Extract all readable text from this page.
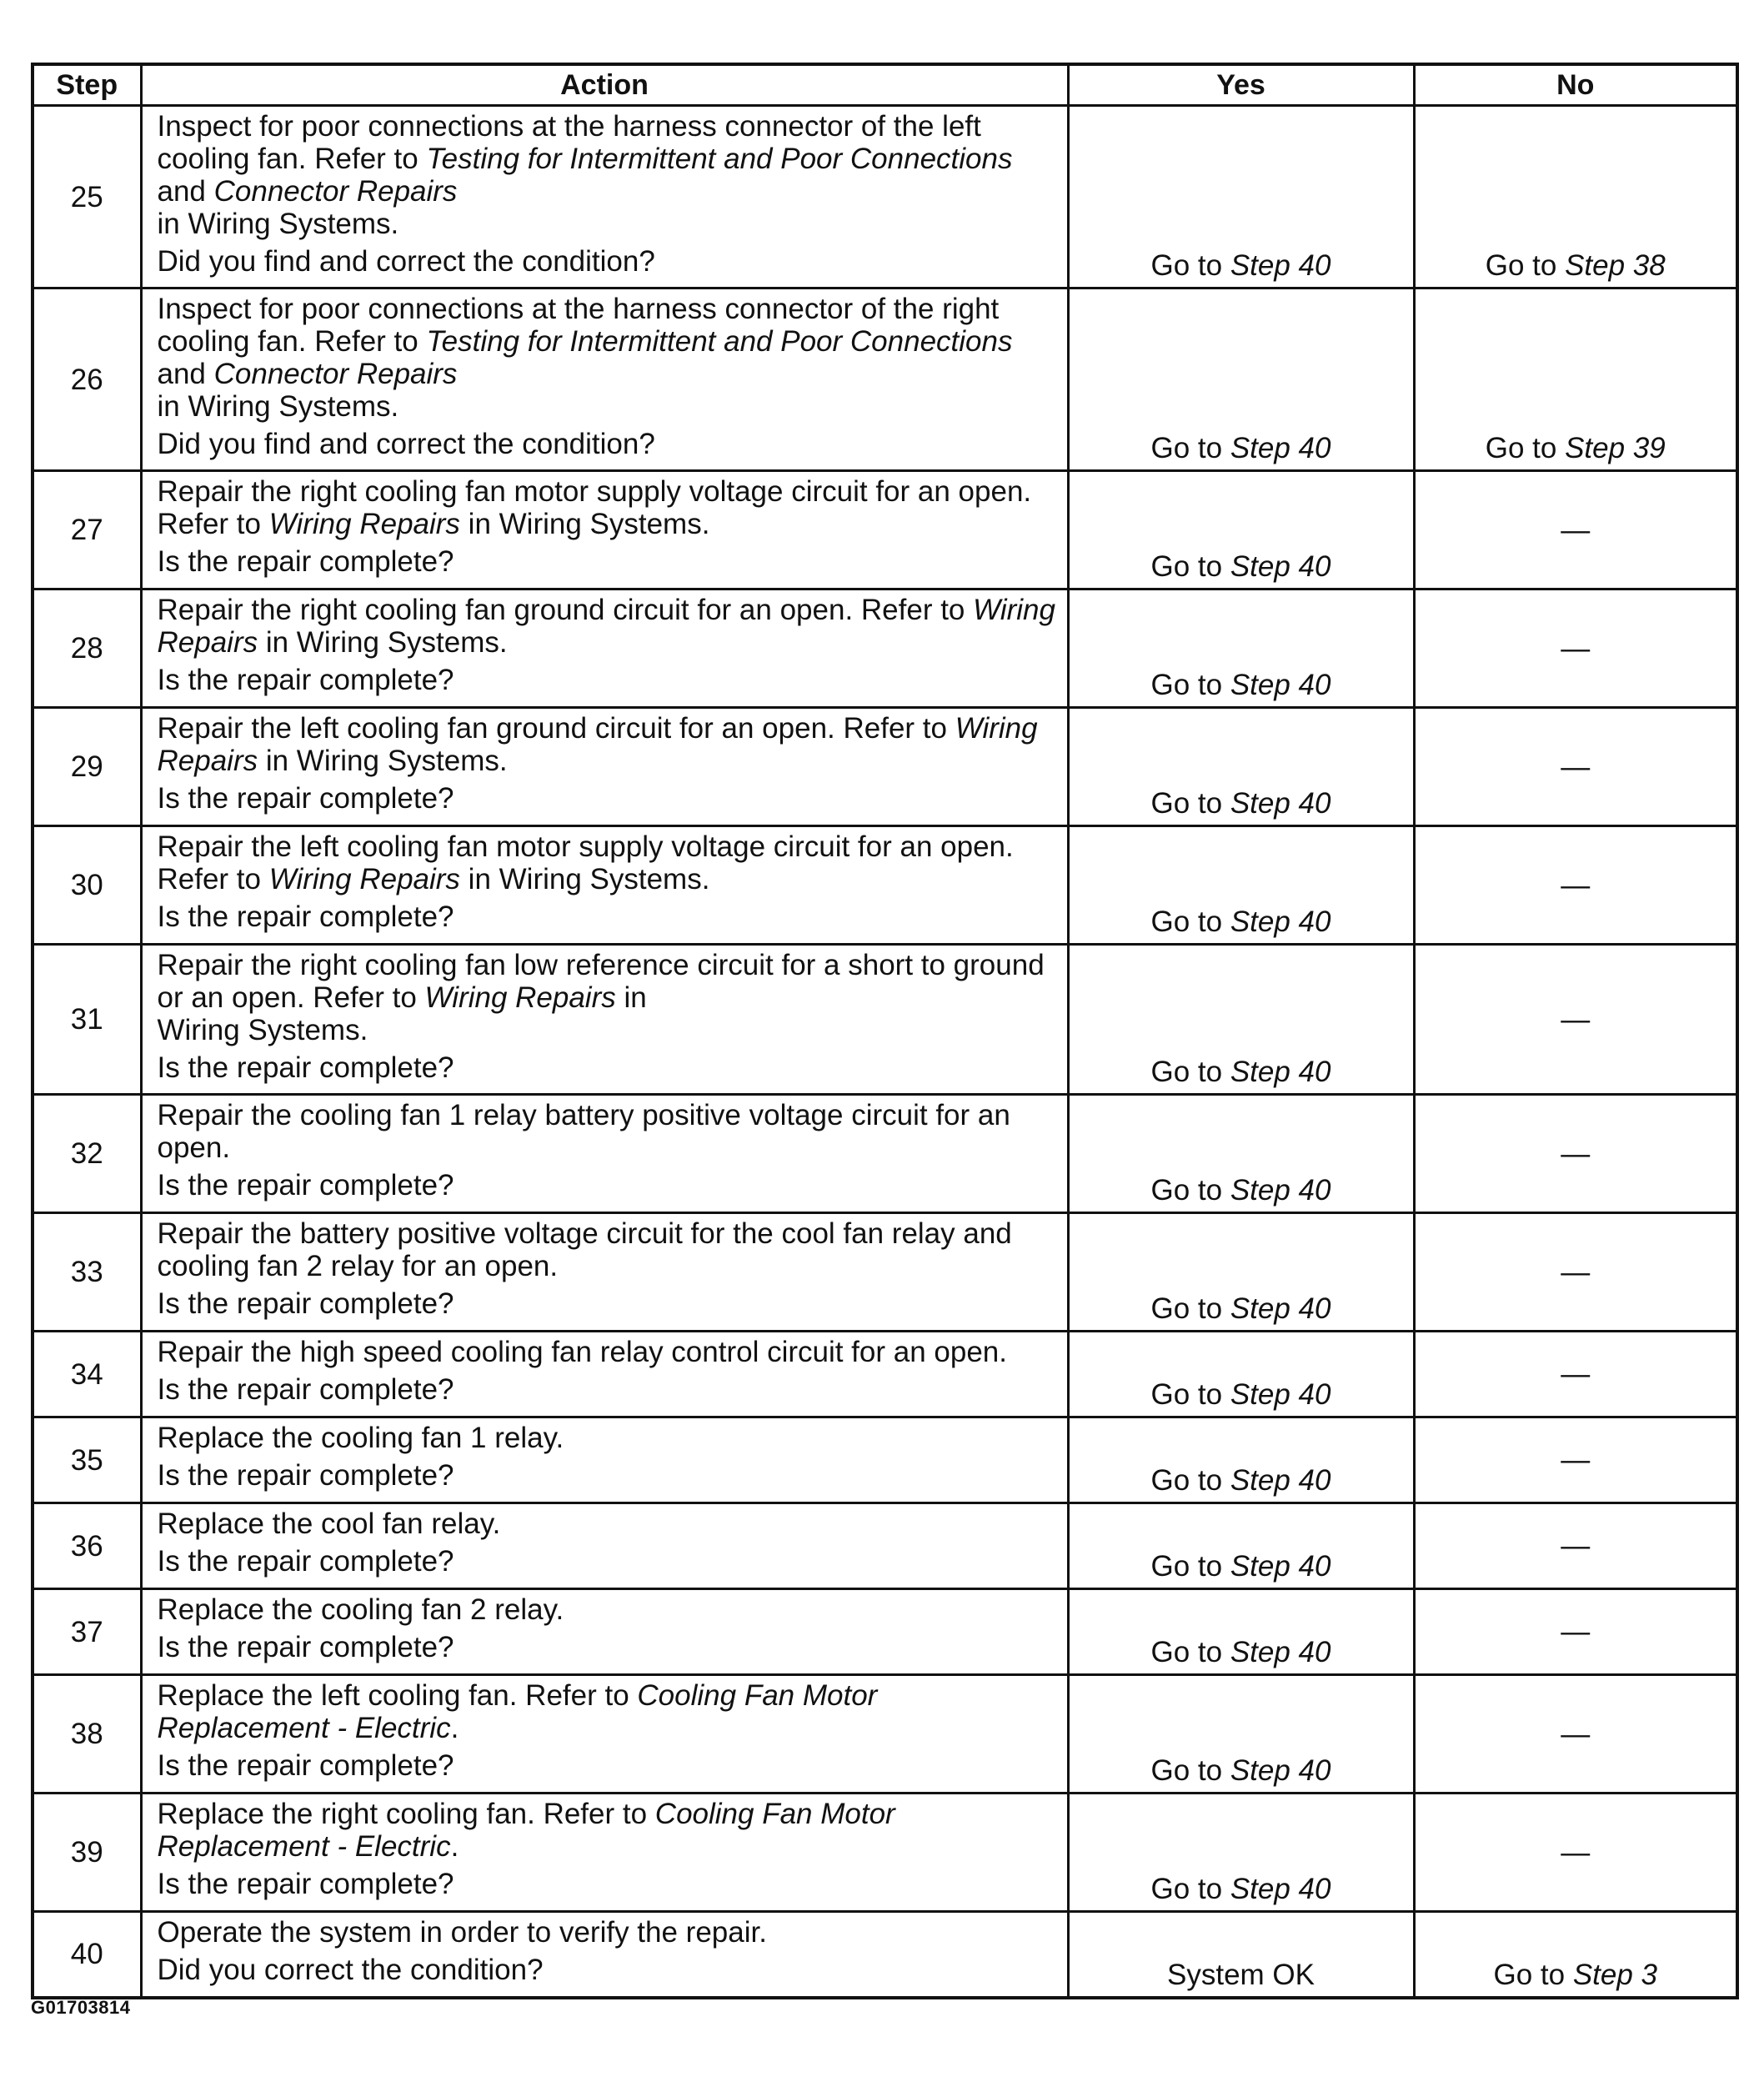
Step	Action	Yes	No
25	Inspect for poor connections at the harness connector of the left cooling fan. Refer to Testing for Intermittent and Poor Connections and Connector Repairs
in Wiring Systems.
Did you find and correct the condition?	Go to Step 40	Go to Step 38

26	Inspect for poor connections at the harness connector of the right cooling fan. Refer to Testing for Intermittent and Poor Connections and Connector Repairs
in Wiring Systems.
Did you find and correct the condition?	Go to Step 40	Go to Step 39

27	Repair the right cooling fan motor supply voltage circuit for an open. Refer to Wiring Repairs in Wiring Systems.
Is the repair complete?	Go to Step 40	—

28	Repair the right cooling fan ground circuit for an open. Refer to Wiring Repairs in Wiring Systems.
Is the repair complete?	Go to Step 40	—

29	Repair the left cooling fan ground circuit for an open. Refer to Wiring Repairs in Wiring Systems.
Is the repair complete?	Go to Step 40	—

30	Repair the left cooling fan motor supply voltage circuit for an open. Refer to Wiring Repairs in Wiring Systems.
Is the repair complete?	Go to Step 40	—

31	Repair the right cooling fan low reference circuit for a short to ground or an open. Refer to Wiring Repairs in
Wiring Systems.
Is the repair complete?	Go to Step 40	—

32	Repair the cooling fan 1 relay battery positive voltage circuit for an open.
Is the repair complete?	Go to Step 40	—

33	Repair the battery positive voltage circuit for the cool fan relay and cooling fan 2 relay for an open.
Is the repair complete?	Go to Step 40	—

34	Repair the high speed cooling fan relay control circuit for an open.
Is the repair complete?	Go to Step 40	—

35	Replace the cooling fan 1 relay.
Is the repair complete?	Go to Step 40	—

36	Replace the cool fan relay.
Is the repair complete?	Go to Step 40	—

37	Replace the cooling fan 2 relay.
Is the repair complete?	Go to Step 40	—

38	Replace the left cooling fan. Refer to Cooling Fan Motor Replacement - Electric.
Is the repair complete?	Go to Step 40	—

39	Replace the right cooling fan. Refer to Cooling Fan Motor Replacement - Electric.
Is the repair complete?	Go to Step 40	—

40	Operate the system in order to verify the repair.
Did you correct the condition?	System OK	Go to Step 3
G01703814
